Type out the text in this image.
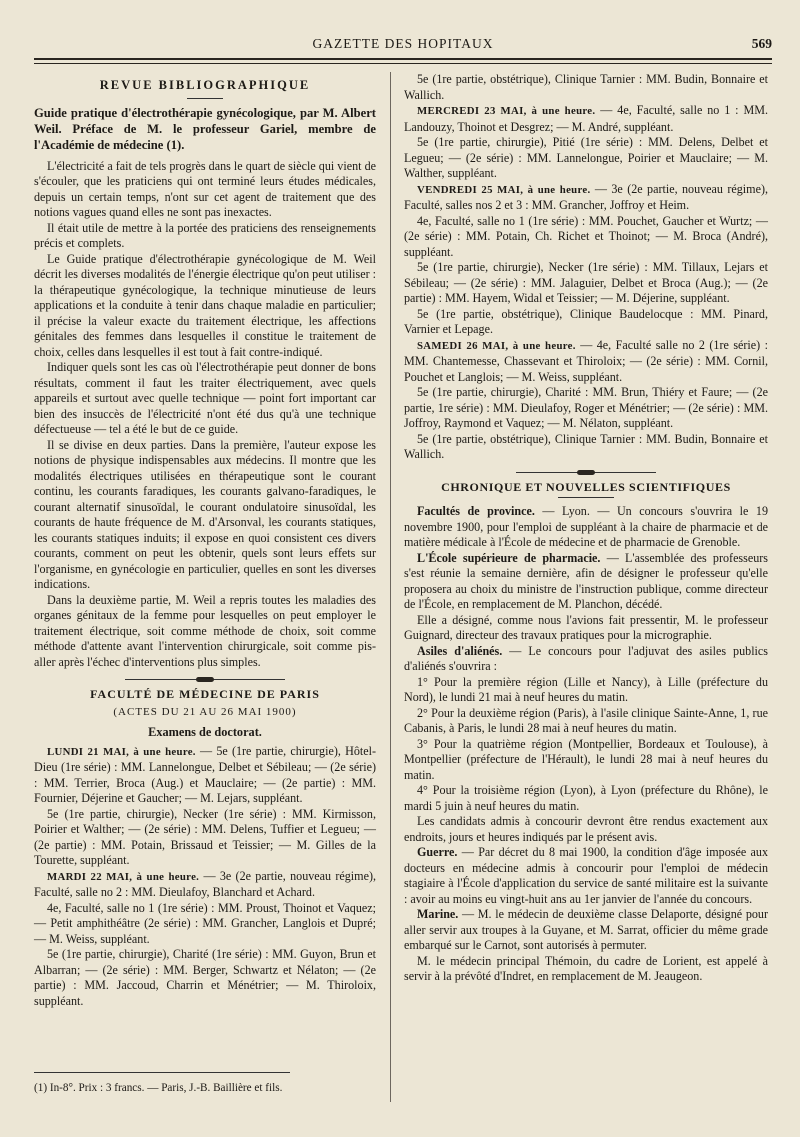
GAZETTE DES HOPITAUX	569
REVUE BIBLIOGRAPHIQUE

Guide pratique d'électrothérapie gynécologique, par M. Albert Weil. Préface de M. le professeur Gariel, membre de l'Académie de médecine (1).

L'électricité a fait de tels progrès dans le quart de siècle qui vient de s'écouler, que les praticiens qui ont terminé leurs études médicales, depuis un certain temps, n'ont sur cet agent de traitement que des notions vagues quand elles ne sont pas inexactes.

Il était utile de mettre à la portée des praticiens des renseignements précis et complets.

Le Guide pratique d'électrothérapie gynécologique de M. Weil décrit les diverses modalités de l'énergie électrique qu'on peut utiliser : la thérapeutique gynécologique, la technique minutieuse de leurs applications et la conduite à tenir dans chaque maladie en particulier; il précise la valeur exacte du traitement électrique, les affections génitales des femmes dans lesquelles il constitue le traitement de choix, celles dans lesquelles il est tout à fait contre-indiqué.

Indiquer quels sont les cas où l'électrothérapie peut donner de bons résultats, comment il faut les traiter électriquement, avec quels appareils et surtout avec quelle technique — point fort important car bien des insuccès de l'électricité n'ont été dus qu'à une technique défectueuse — tel a été le but de ce guide.

Il se divise en deux parties. Dans la première, l'auteur expose les notions de physique indispensables aux médecins. Il montre que les modalités électriques utilisées en thérapeutique sont le courant continu, les courants faradiques, les courants galvano-faradiques, le courant alternatif sinusoïdal, le courant ondulatoire sinusoïdal, les courants de haute fréquence de M. d'Arsonval, les courants statiques, les courants statiques induits; il expose en quoi consistent ces divers courants, comment on peut les obtenir, quels sont leurs effets sur l'organisme, en gynécologie en particulier, quelles en sont les diverses indications.

Dans la deuxième partie, M. Weil a repris toutes les maladies des organes génitaux de la femme pour lesquelles on peut employer le traitement électrique, soit comme méthode de choix, soit comme méthode d'attente avant l'intervention chirurgicale, soit comme pis-aller après l'échec d'interventions plus simples.

FACULTÉ DE MÉDECINE DE PARIS
(ACTES DU 21 AU 26 MAI 1900)
Examens de doctorat.

LUNDI 21 MAI, à une heure. — 5e (1re partie, chirurgie), Hôtel-Dieu (1re série) : MM. Lannelongue, Delbet et Sébileau; — (2e série) : MM. Terrier, Broca (Aug.) et Mauclaire; — (2e partie) : MM. Fournier, Déjerine et Gaucher; — M. Lejars, suppléant.

5e (1re partie, chirurgie), Necker (1re série) : MM. Kirmisson, Poirier et Walther; — (2e série) : MM. Delens, Tuffier et Legueu; — (2e partie) : MM. Potain, Brissaud et Teissier; — M. Gilles de la Tourette, suppléant.

MARDI 22 MAI, à une heure. — 3e (2e partie, nouveau régime), Faculté, salle no 2 : MM. Dieulafoy, Blanchard et Achard.

4e, Faculté, salle no 1 (1re série) : MM. Proust, Thoinot et Vaquez; — Petit amphithéâtre (2e série) : MM. Grancher, Langlois et Dupré; — M. Weiss, suppléant.

5e (1re partie, chirurgie), Charité (1re série) : MM. Guyon, Brun et Albarran; — (2e série) : MM. Berger, Schwartz et Nélaton; — (2e partie) : MM. Jaccoud, Charrin et Ménétrier; — M. Thiroloix, suppléant.

(1) In-8°. Prix : 3 francs. — Paris, J.-B. Baillière et fils.

5e (1re partie, obstétrique), Clinique Tarnier : MM. Budin, Bonnaire et Wallich.

MERCREDI 23 MAI, à une heure. — 4e, Faculté, salle no 1 : MM. Landouzy, Thoinot et Desgrez; — M. André, suppléant.

5e (1re partie, chirurgie), Pitié (1re série) : MM. Delens, Delbet et Legueu; — (2e série) : MM. Lannelongue, Poirier et Mauclaire; — M. Walther, suppléant.

VENDREDI 25 MAI, à une heure. — 3e (2e partie, nouveau régime), Faculté, salles nos 2 et 3 : MM. Grancher, Joffroy et Heim.

4e, Faculté, salle no 1 (1re série) : MM. Pouchet, Gaucher et Wurtz; — (2e série) : MM. Potain, Ch. Richet et Thoinot; — M. Broca (André), suppléant.

5e (1re partie, chirurgie), Necker (1re série) : MM. Tillaux, Lejars et Sébileau; — (2e série) : MM. Jalaguier, Delbet et Broca (Aug.); — (2e partie) : MM. Hayem, Widal et Teissier; — M. Déjerine, suppléant.

5e (1re partie, obstétrique), Clinique Baudelocque : MM. Pinard, Varnier et Lepage.

SAMEDI 26 MAI, à une heure. — 4e, Faculté salle no 2 (1re série) : MM. Chantemesse, Chassevant et Thiroloix; — (2e série) : MM. Cornil, Pouchet et Langlois; — M. Weiss, suppléant.

5e (1re partie, chirurgie), Charité : MM. Brun, Thiéry et Faure; — (2e partie, 1re série) : MM. Dieulafoy, Roger et Ménétrier; — (2e série) : MM. Joffroy, Raymond et Vaquez; — M. Nélaton, suppléant.

5e (1re partie, obstétrique), Clinique Tarnier : MM. Budin, Bonnaire et Wallich.

CHRONIQUE ET NOUVELLES SCIENTIFIQUES

Facultés de province. — Lyon. — Un concours s'ouvrira le 19 novembre 1900, pour l'emploi de suppléant à la chaire de pharmacie et de matière médicale à l'École de médecine et de pharmacie de Grenoble.

L'École supérieure de pharmacie. — L'assemblée des professeurs s'est réunie la semaine dernière, afin de désigner le professeur qu'elle proposera au choix du ministre de l'instruction publique, comme directeur de l'École, en remplacement de M. Planchon, décédé.

Elle a désigné, comme nous l'avions fait pressentir, M. le professeur Guignard, directeur des travaux pratiques pour la micrographie.

Asiles d'aliénés. — Le concours pour l'adjuvat des asiles publics d'aliénés s'ouvrira :

1° Pour la première région (Lille et Nancy), à Lille (préfecture du Nord), le lundi 21 mai à neuf heures du matin.

2° Pour la deuxième région (Paris), à l'asile clinique Sainte-Anne, 1, rue Cabanis, à Paris, le lundi 28 mai à neuf heures du matin.

3° Pour la quatrième région (Montpellier, Bordeaux et Toulouse), à Montpellier (préfecture de l'Hérault), le lundi 28 mai à neuf heures du matin.

4° Pour la troisième région (Lyon), à Lyon (préfecture du Rhône), le mardi 5 juin à neuf heures du matin.

Les candidats admis à concourir devront être rendus exactement aux endroits, jours et heures indiqués par le présent avis.

Guerre. — Par décret du 8 mai 1900, la condition d'âge imposée aux docteurs en médecine admis à concourir pour l'emploi de médecin stagiaire à l'École d'application du service de santé militaire est la suivante : avoir au moins eu vingt-huit ans au 1er janvier de l'année du concours.

Marine. — M. le médecin de deuxième classe Delaporte, désigné pour aller servir aux troupes à la Guyane, et M. Sarrat, officier du même grade embarqué sur le Carnot, sont autorisés à permuter.

M. le médecin principal Thémoin, du cadre de Lorient, est appelé à servir à la prévôté d'Indret, en remplacement de M. Jeaugeon.
